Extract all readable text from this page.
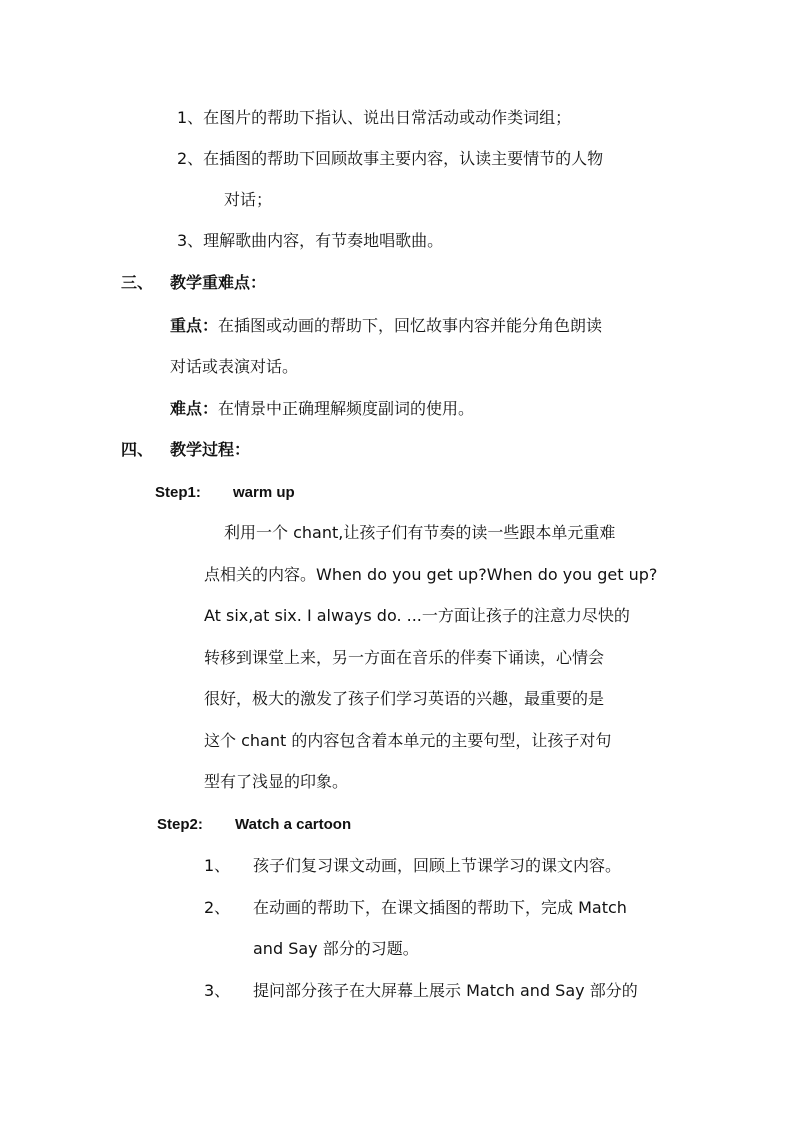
1、在图片的帮助下指认、说出日常活动或动作类词组；
2、在插图的帮助下回顾故事主要内容，认读主要情节的人物
对话；
3、理解歌曲内容，有节奏地唱歌曲。
三、 教学重难点：
重点：在插图或动画的帮助下，回忆故事内容并能分角色朗读
对话或表演对话。
难点：在情景中正确理解频度副词的使用。
四、 教学过程：
Step1: warm up
利用一个 chant,让孩子们有节奏的读一些跟本单元重难
点相关的内容。When do you get up?When do you get up?
At six,at six. I always do. ...一方面让孩子的注意力尽快的
转移到课堂上来，另一方面在音乐的伴奏下诵读，心情会
很好，极大的激发了孩子们学习英语的兴趣，最重要的是
这个 chant 的内容包含着本单元的主要句型，让孩子对句
型有了浅显的印象。
Step2: Watch a cartoon
1、 孩子们复习课文动画，回顾上节课学习的课文内容。
2、 在动画的帮助下，在课文插图的帮助下，完成 Match
and Say 部分的习题。
3、 提问部分孩子在大屏幕上展示 Match and Say 部分的
